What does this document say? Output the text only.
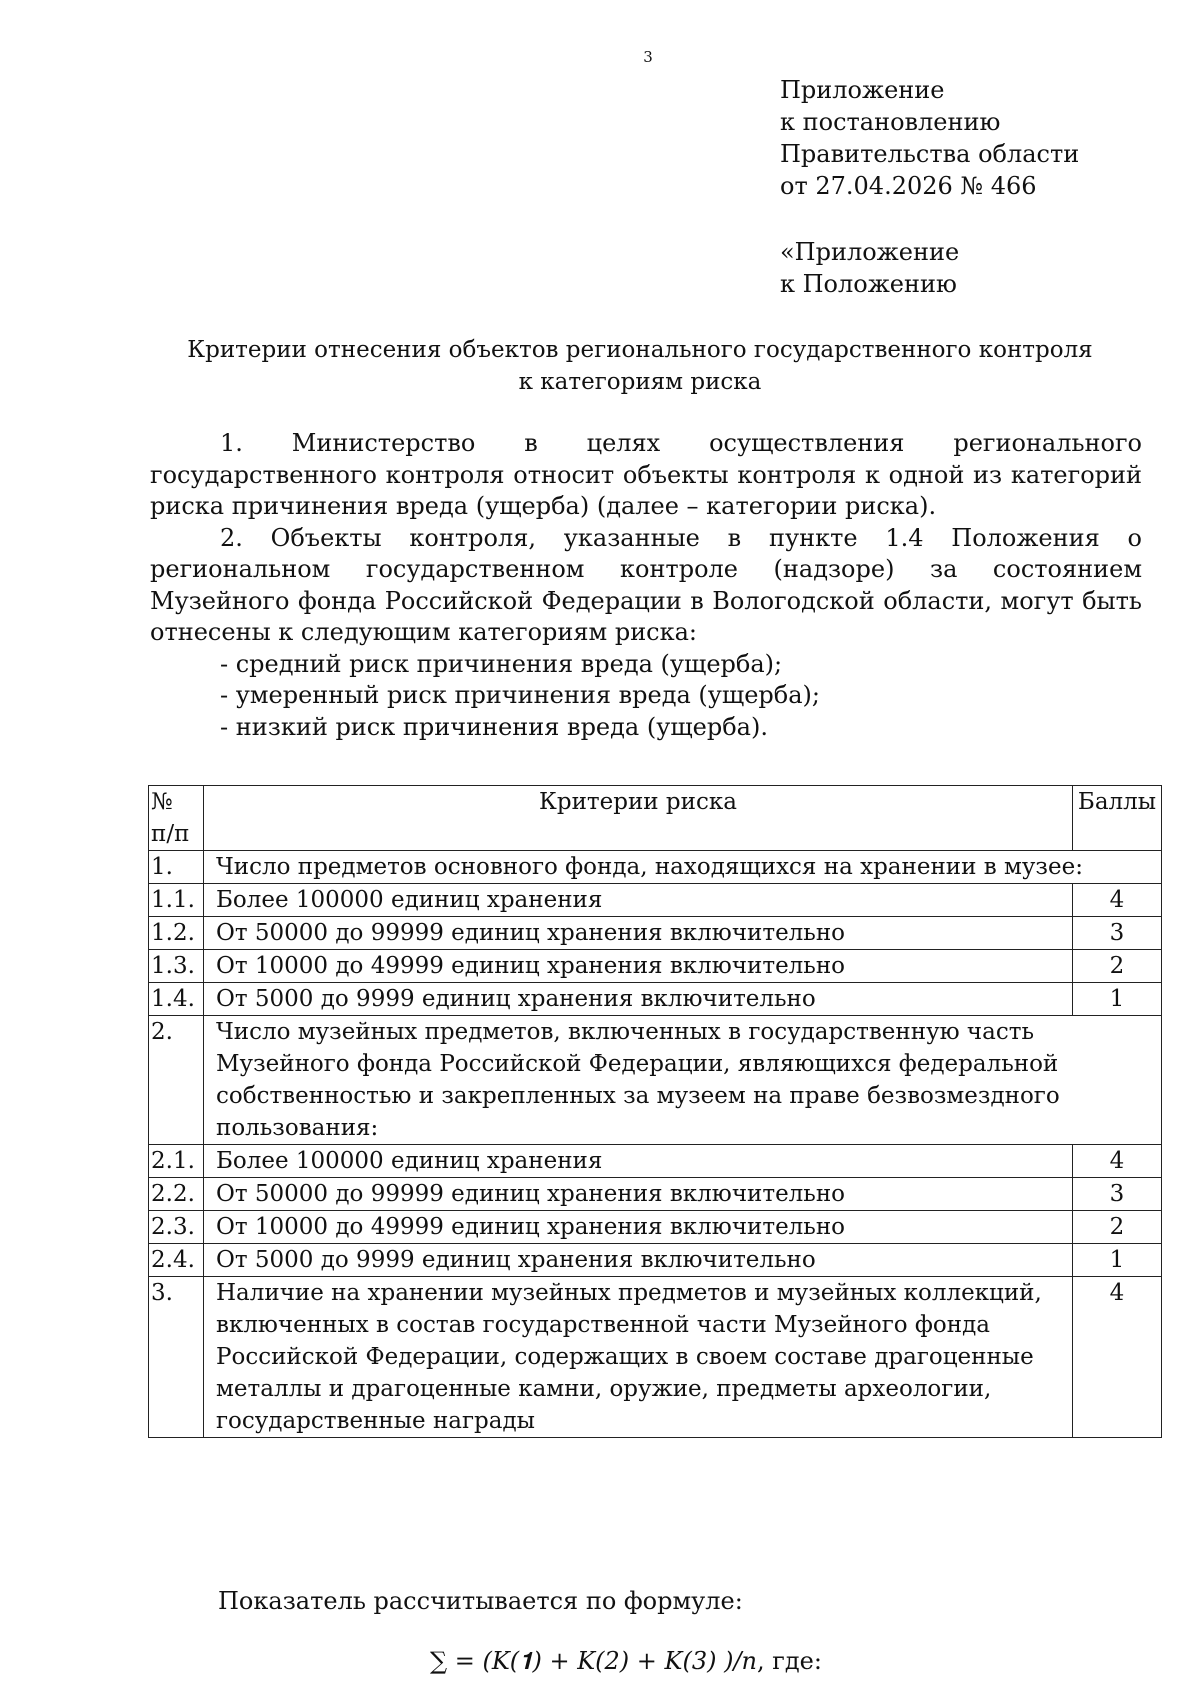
3
Приложение
к постановлению
Правительства области
от 27.04.2026 № 466
«Приложение
к Положению
Критерии отнесения объектов регионального государственного контроля
к категориям риска

1. Министерство в целях осуществления регионального государственного контроля относит объекты контроля к одной из категорий риска причинения вреда (ущерба) (далее – категории риска).

2. Объекты контроля, указанные в пункте 1.4 Положения о региональном государственном контроле (надзоре) за состоянием Музейного фонда Российской Федерации в Вологодской области, могут быть отнесены к следующим категориям риска:

- средний риск причинения вреда (ущерба);

- умеренный риск причинения вреда (ущерба);

- низкий риск причинения вреда (ущерба).

№ п/п	Критерии риска	Баллы
1.	Число предметов основного фонда, находящихся на хранении в музее:	
1.1.	Более 100000 единиц хранения	4
1.2.	От 50000 до 99999 единиц хранения включительно	3
1.3.	От 10000 до 49999 единиц хранения включительно	2
1.4.	От 5000 до 9999 единиц хранения включительно	1
2.	Число музейных предметов, включенных в государственную часть Музейного фонда Российской Федерации, являющихся федеральной собственностью и закрепленных за музеем на праве безвозмездного пользования:	
2.1.	Более 100000 единиц хранения	4
2.2.	От 50000 до 99999 единиц хранения включительно	3
2.3.	От 10000 до 49999 единиц хранения включительно	2
2.4.	От 5000 до 9999 единиц хранения включительно	1
3.	Наличие на хранении музейных предметов и музейных коллекций, включенных в состав государственной части Музейного фонда Российской Федерации, содержащих в своем составе драгоценные металлы и драгоценные камни, оружие, предметы археологии, государственные награды	4
Показатель рассчитывается по формуле:
∑ = (𝐾(𝟏) + 𝐾(2) + 𝐾(3) )/𝑛, где:
